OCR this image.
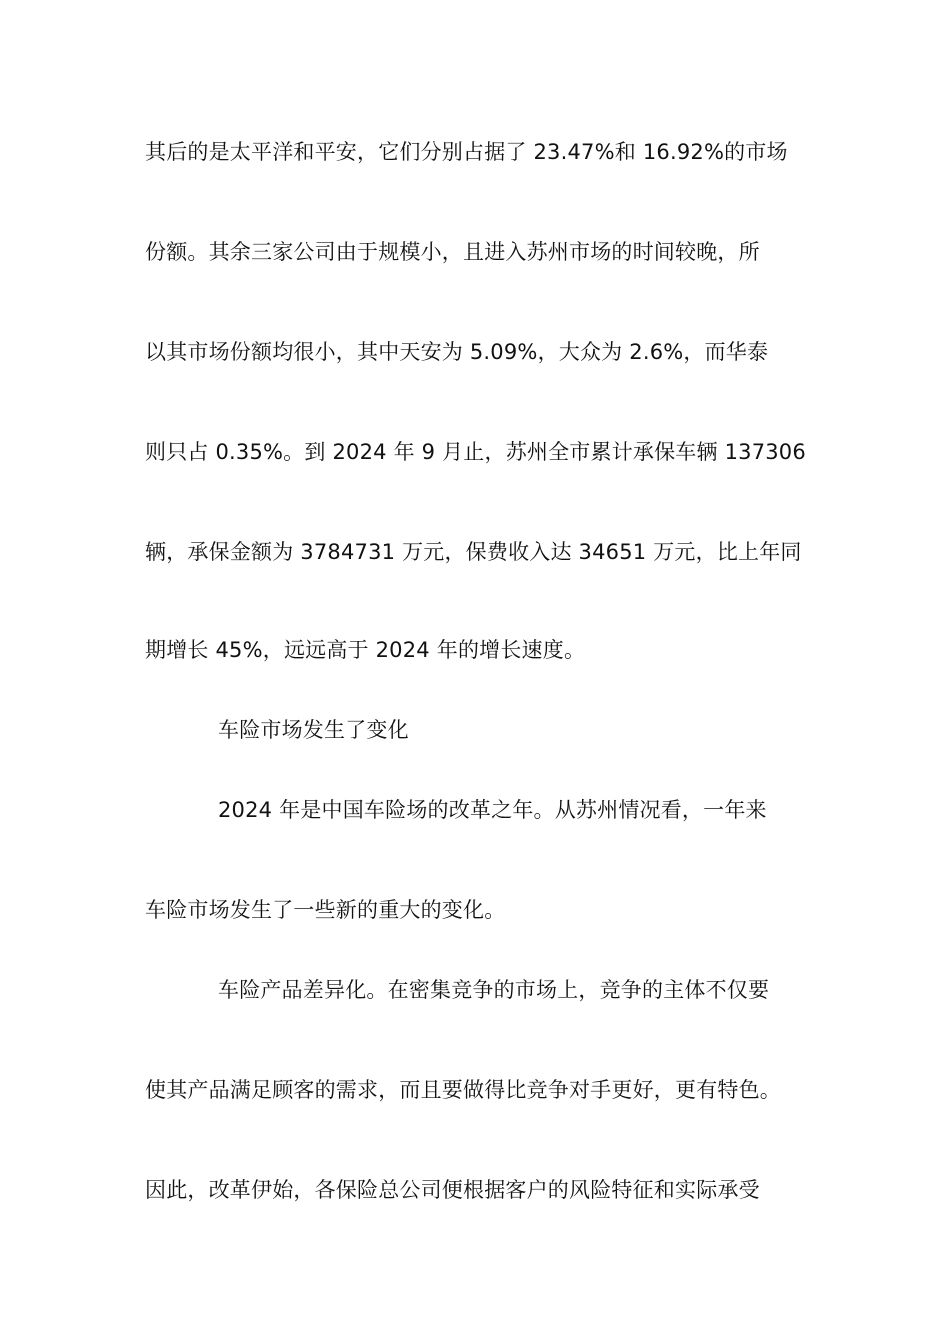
其后的是太平洋和平安，它们分别占据了 23.47%和 16.92%的市场
份额。其余三家公司由于规模小，且进入苏州市场的时间较晚，所
以其市场份额均很小，其中天安为 5.09%，大众为 2.6%，而华泰
则只占 0.35%。到 2024 年 9 月止，苏州全市累计承保车辆 137306
辆，承保金额为 3784731 万元，保费收入达 34651 万元，比上年同
期增长 45%，远远高于 2024 年的增长速度。
车险市场发生了变化
2024 年是中国车险场的改革之年。从苏州情况看，一年来
车险市场发生了一些新的重大的变化。
车险产品差异化。在密集竞争的市场上，竞争的主体不仅要
使其产品满足顾客的需求，而且要做得比竞争对手更好，更有特色。
因此，改革伊始，各保险总公司便根据客户的风险特征和实际承受
